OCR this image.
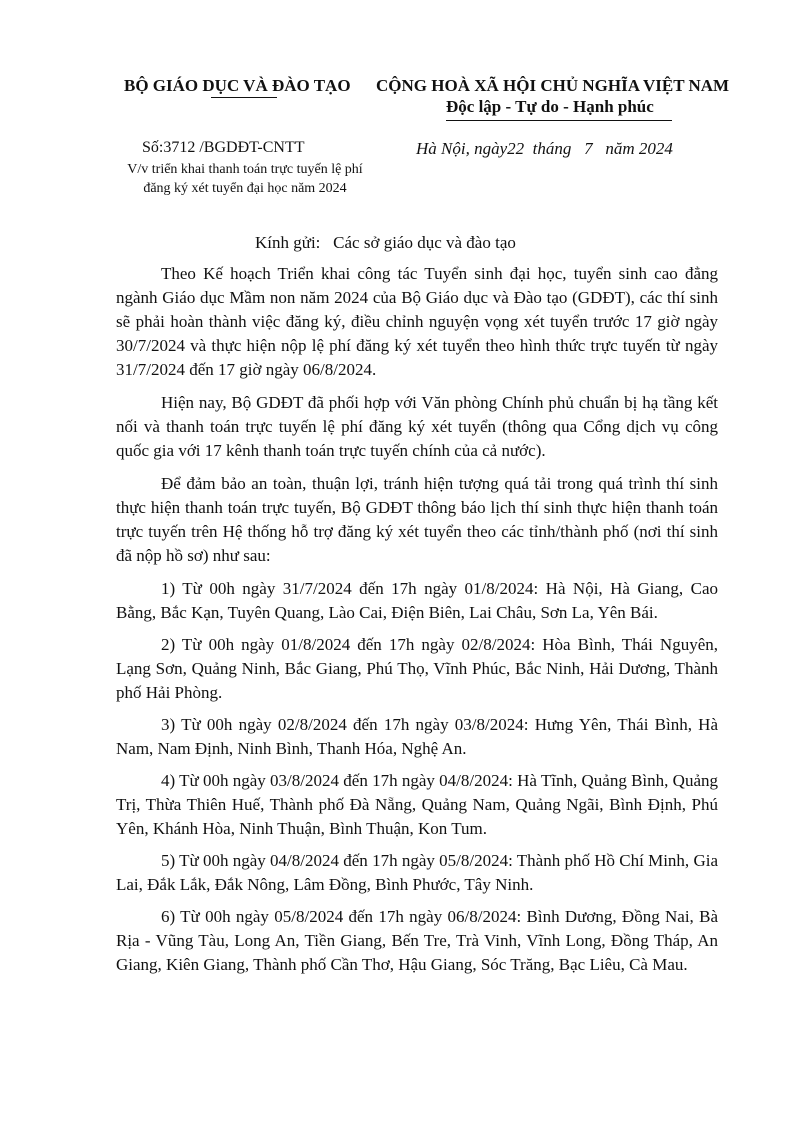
BỘ GIÁO DỤC VÀ ĐÀO TẠO CỘNG HOÀ XÃ HỘI CHỦ NGHĨA VIỆT NAM
Độc lập - Tự do - Hạnh phúc
Số:3712 /BGDĐT-CNTT	Hà Nội, ngày22  tháng   7   năm 2024
V/v triển khai thanh toán trực tuyến lệ phí
đăng ký xét tuyển đại học năm 2024
Kính gửi:   Các sở giáo dục và đào tạo

Theo Kế hoạch Triển khai công tác Tuyển sinh đại học, tuyển sinh cao đẳng ngành Giáo dục Mầm non năm 2024 của Bộ Giáo dục và Đào tạo (GDĐT), các thí sinh sẽ phải hoàn thành việc đăng ký, điều chỉnh nguyện vọng xét tuyển trước 17 giờ ngày 30/7/2024 và thực hiện nộp lệ phí đăng ký xét tuyển theo hình thức trực tuyến từ ngày 31/7/2024 đến 17 giờ ngày 06/8/2024.

Hiện nay, Bộ GDĐT đã phối hợp với Văn phòng Chính phủ chuẩn bị hạ tầng kết nối và thanh toán trực tuyến lệ phí đăng ký xét tuyển (thông qua Cổng dịch vụ công quốc gia với 17 kênh thanh toán trực tuyến chính của cả nước).

Để đảm bảo an toàn, thuận lợi, tránh hiện tượng quá tải trong quá trình thí sinh thực hiện thanh toán trực tuyến, Bộ GDĐT thông báo lịch thí sinh thực hiện thanh toán trực tuyến trên Hệ thống hỗ trợ đăng ký xét tuyển theo các tỉnh/thành phố (nơi thí sinh đã nộp hồ sơ) như sau:

1) Từ 00h ngày 31/7/2024 đến 17h ngày 01/8/2024: Hà Nội, Hà Giang, Cao Bằng, Bắc Kạn, Tuyên Quang, Lào Cai, Điện Biên, Lai Châu, Sơn La, Yên Bái.

2) Từ 00h ngày 01/8/2024 đến 17h ngày 02/8/2024: Hòa Bình, Thái Nguyên, Lạng Sơn, Quảng Ninh, Bắc Giang, Phú Thọ, Vĩnh Phúc, Bắc Ninh, Hải Dương, Thành phố Hải Phòng.

3) Từ 00h ngày 02/8/2024 đến 17h ngày 03/8/2024: Hưng Yên, Thái Bình, Hà Nam, Nam Định, Ninh Bình, Thanh Hóa, Nghệ An.

4) Từ 00h ngày 03/8/2024 đến 17h ngày 04/8/2024: Hà Tĩnh, Quảng Bình, Quảng Trị, Thừa Thiên Huế, Thành phố Đà Nẵng, Quảng Nam, Quảng Ngãi, Bình Định, Phú Yên, Khánh Hòa, Ninh Thuận, Bình Thuận, Kon Tum.

5) Từ 00h ngày 04/8/2024 đến 17h ngày 05/8/2024: Thành phố Hồ Chí Minh, Gia Lai, Đắk Lắk, Đắk Nông, Lâm Đồng, Bình Phước, Tây Ninh.

6) Từ 00h ngày 05/8/2024 đến 17h ngày 06/8/2024: Bình Dương, Đồng Nai, Bà Rịa - Vũng Tàu, Long An, Tiền Giang, Bến Tre, Trà Vinh, Vĩnh Long, Đồng Tháp, An Giang, Kiên Giang, Thành phố Cần Thơ, Hậu Giang, Sóc Trăng, Bạc Liêu, Cà Mau.
